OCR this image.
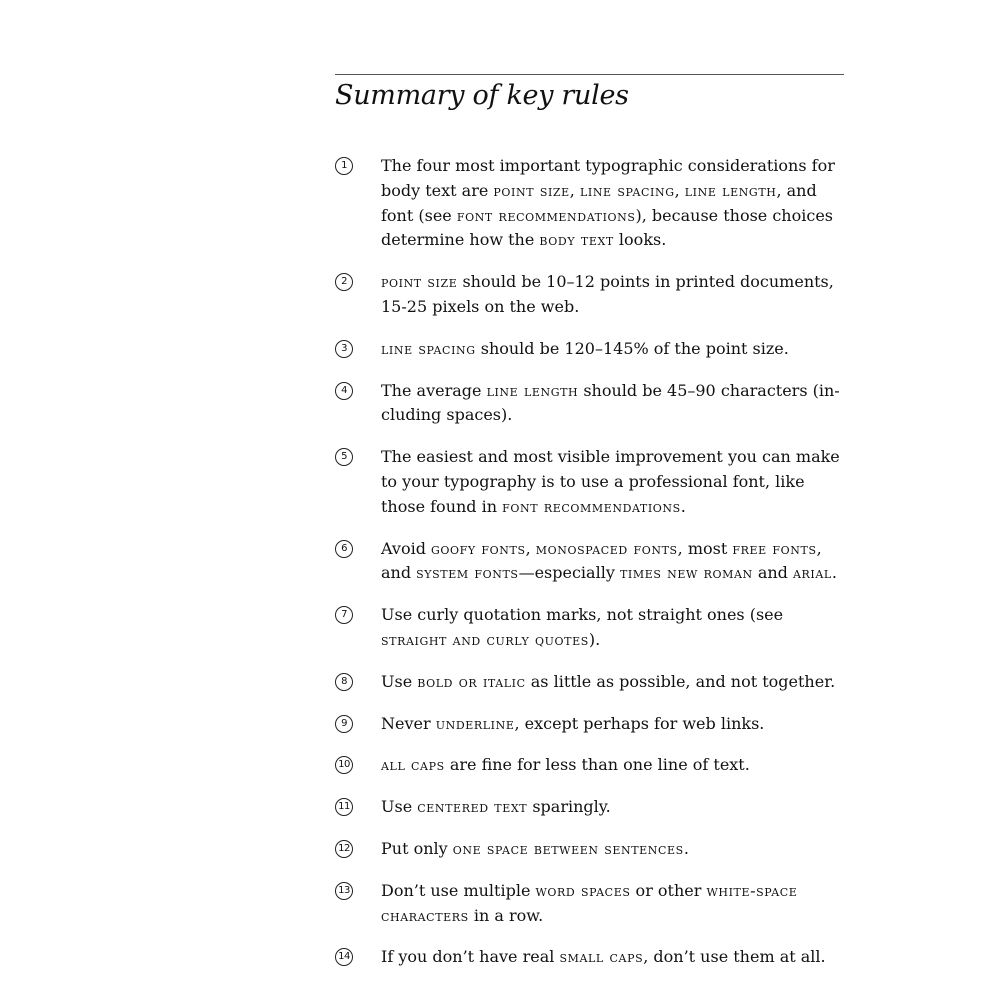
Summary of key rules
1	The four most important typographic considerations for body text are point size, line spacing, line length, and font (see font recommendations), because those choices determine how the body text looks.
2	point size should be 10–12 points in printed documents, 15-25 pixels on the web.
3	line spacing should be 120–145% of the point size.
4	The average line length should be 45–90 characters (including spaces).
5	The easiest and most visible improvement you can make to your typography is to use a professional font, like those found in font recommendations.
6	Avoid goofy fonts, monospaced fonts, most free fonts, and system fonts—especially times new roman and arial.
7	Use curly quotation marks, not straight ones (see straight and curly quotes).
8	Use bold or italic as little as possible, and not together.
9	Never underline, except perhaps for web links.
10 all caps are fine for less than one line of text.
11 Use centered text sparingly.
12 Put only one space between sentences.
13 Don’t use multiple word spaces or other white-space characters in a row.
14 If you don’t have real small caps, don’t use them at all.
